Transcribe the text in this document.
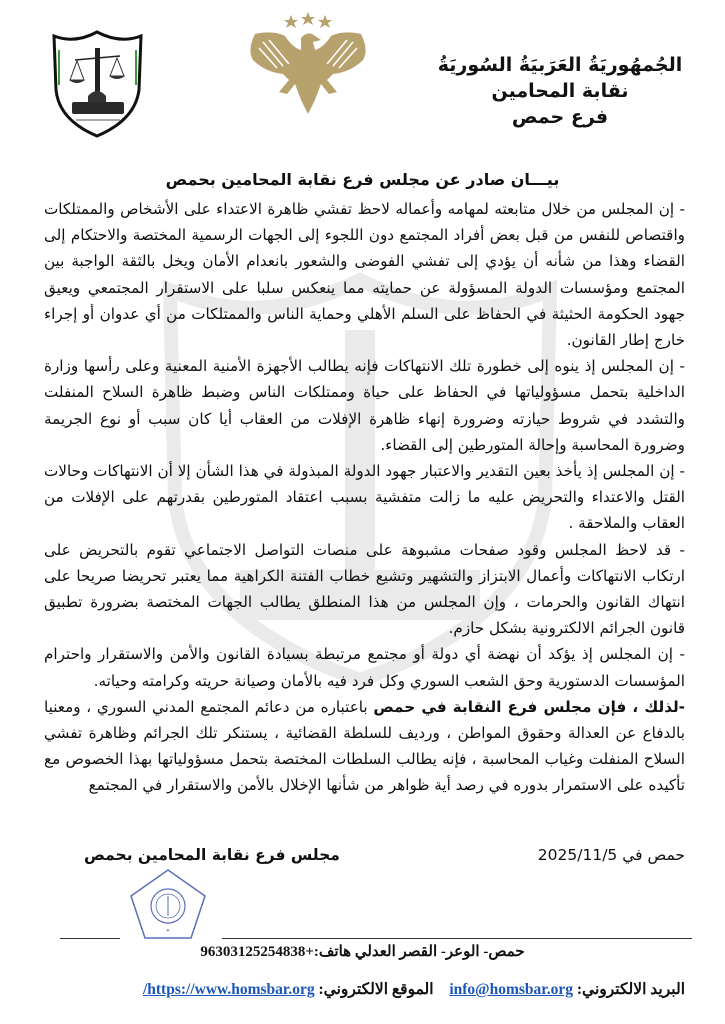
الجُمهُوريَةُ العَرَبيَةُ السُوريَةُ
نقابة المحامين
فرع حمص
بيـــان صادر عن مجلس فرع نقابة المحامين بحمص

- إن المجلس من خلال متابعته لمهامه وأعماله لاحظ تفشي ظاهرة الاعتداء على الأشخاص والممتلكات واقتصاص للنفس من قبل بعض أفراد المجتمع دون اللجوء إلى الجهات الرسمية المختصة والاحتكام إلى القضاء وهذا من شأنه أن يؤدي إلى تفشي الفوضى والشعور بانعدام الأمان ويخل بالثقة الواجبة بين المجتمع ومؤسسات الدولة المسؤولة عن حمايته مما ينعكس سلبا على الاستقرار المجتمعي ويعيق جهود الحكومة الحثيثة في الحفاظ على السلم الأهلي وحماية الناس والممتلكات من أي عدوان أو إجراء خارج إطار القانون.

- إن المجلس إذ ينوه إلى خطورة تلك الانتهاكات فإنه يطالب الأجهزة الأمنية المعنية وعلى رأسها وزارة الداخلية بتحمل مسؤولياتها في الحفاظ على حياة وممتلكات الناس وضبط ظاهرة السلاح المنفلت والتشدد في شروط حيازته وضرورة إنهاء ظاهرة الإفلات من العقاب أيا كان سبب أو نوع الجريمة وضرورة المحاسبة وإحالة المتورطين إلى القضاء.

- إن المجلس إذ يأخذ بعين التقدير والاعتبار جهود الدولة المبذولة في هذا الشأن إلا أن الانتهاكات وحالات القتل والاعتداء والتحريض عليه ما زالت متفشية بسبب اعتقاد المتورطين بقدرتهم على الإفلات من العقاب والملاحقة .

- قد لاحظ المجلس وقود صفحات مشبوهة على منصات التواصل الاجتماعي تقوم بالتحريض على ارتكاب الانتهاكات وأعمال الابتزاز والتشهير وتشيع خطاب الفتنة الكراهية مما يعتبر تحريضا صريحا على انتهاك القانون والحرمات ، وإن المجلس من هذا المنطلق يطالب الجهات المختصة بضرورة تطبيق قانون الجرائم الالكترونية بشكل حازم.

- إن المجلس إذ يؤكد أن نهضة أي دولة أو مجتمع مرتبطة بسيادة القانون والأمن والاستقرار واحترام المؤسسات الدستورية وحق الشعب السوري وكل فرد فيه بالأمان وصيانة حريته وكرامته وحياته.

-لذلك ، فإن مجلس فرع النقابة في حمص باعتباره من دعائم المجتمع المدني السوري ، ومعنيا بالدفاع عن العدالة وحقوق المواطن ، ورديف للسلطة القضائية ، يستنكر تلك الجرائم وظاهرة تفشي السلاح المنفلت وغياب المحاسبة ، فإنه يطالب السلطات المختصة بتحمل مسؤولياتها بهذا الخصوص مع تأكيده على الاستمرار بدوره في رصد أية ظواهر من شأنها الإخلال بالأمن والاستقرار في المجتمع

حمص في 2025/11/5
مجلس فرع نقابة المحامين بحمص
✦
حمص- الوعر- القصر العدلي هاتف:+96303125254838
البريد الالكتروني: info@homsbar.org  الموقع الالكتروني: https://www.homsbar.org/
